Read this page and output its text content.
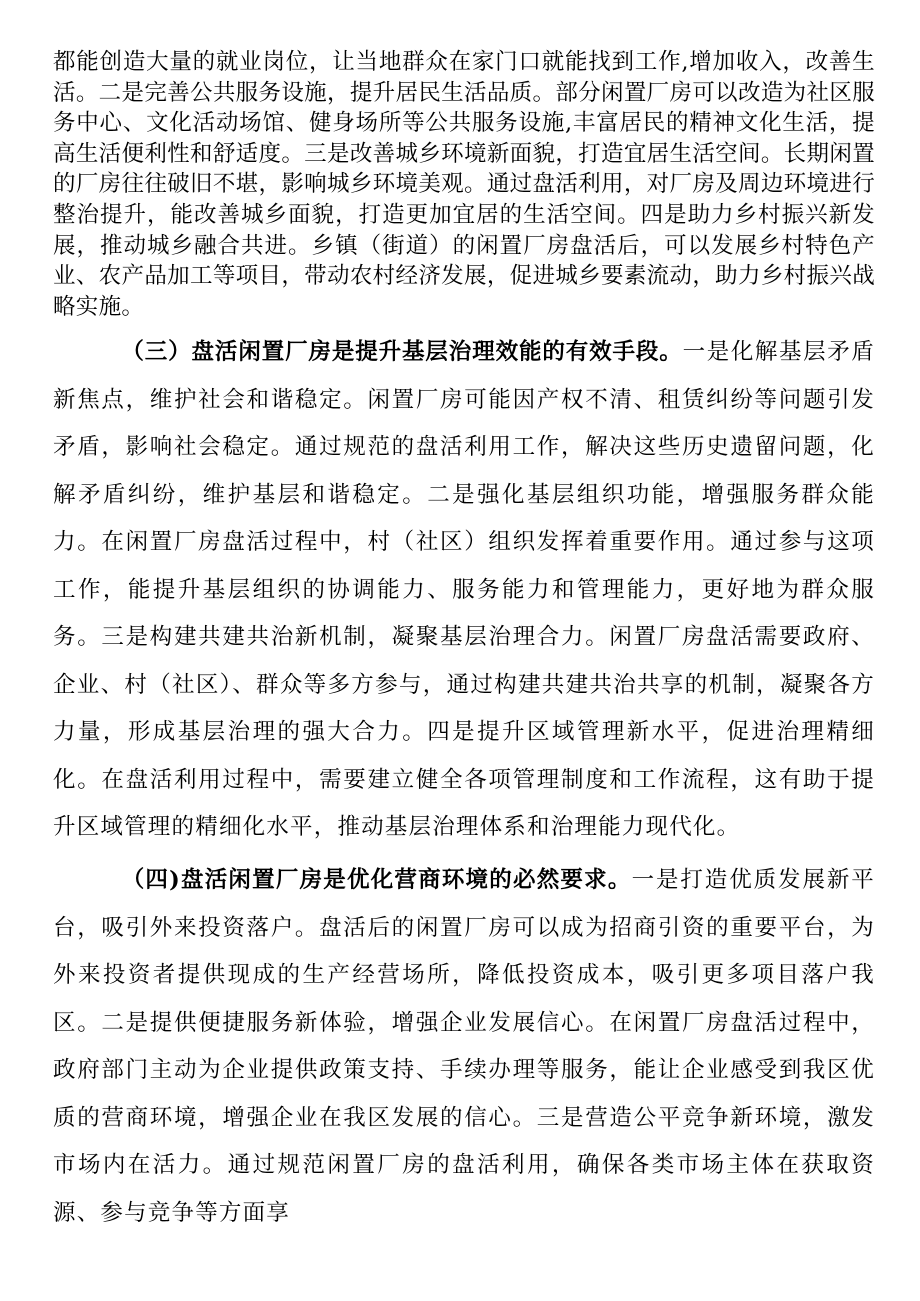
都能创造大量的就业岗位，让当地群众在家门口就能找到工作,增加收入，改善生活。二是完善公共服务设施，提升居民生活品质。部分闲置厂房可以改造为社区服务中心、文化活动场馆、健身场所等公共服务设施,丰富居民的精神文化生活，提高生活便利性和舒适度。三是改善城乡环境新面貌，打造宜居生活空间。长期闲置的厂房往往破旧不堪，影响城乡环境美观。通过盘活利用，对厂房及周边环境进行整治提升，能改善城乡面貌，打造更加宜居的生活空间。四是助力乡村振兴新发展，推动城乡融合共进。乡镇（街道）的闲置厂房盘活后，可以发展乡村特色产业、农产品加工等项目，带动农村经济发展，促进城乡要素流动，助力乡村振兴战略实施。

（三）盘活闲置厂房是提升基层治理效能的有效手段。一是化解基层矛盾新焦点，维护社会和谐稳定。闲置厂房可能因产权不清、租赁纠纷等问题引发矛盾，影响社会稳定。通过规范的盘活利用工作，解决这些历史遗留问题，化解矛盾纠纷，维护基层和谐稳定。二是强化基层组织功能，增强服务群众能力。在闲置厂房盘活过程中，村（社区）组织发挥着重要作用。通过参与这项工作，能提升基层组织的协调能力、服务能力和管理能力，更好地为群众服务。三是构建共建共治新机制，凝聚基层治理合力。闲置厂房盘活需要政府、企业、村（社区）、群众等多方参与，通过构建共建共治共享的机制，凝聚各方力量，形成基层治理的强大合力。四是提升区域管理新水平，促进治理精细化。在盘活利用过程中，需要建立健全各项管理制度和工作流程，这有助于提升区域管理的精细化水平，推动基层治理体系和治理能力现代化。

（四)盘活闲置厂房是优化营商环境的必然要求。一是打造优质发展新平台，吸引外来投资落户。盘活后的闲置厂房可以成为招商引资的重要平台，为外来投资者提供现成的生产经营场所，降低投资成本，吸引更多项目落户我区。二是提供便捷服务新体验，增强企业发展信心。在闲置厂房盘活过程中，政府部门主动为企业提供政策支持、手续办理等服务，能让企业感受到我区优质的营商环境，增强企业在我区发展的信心。三是营造公平竞争新环境，激发市场内在活力。通过规范闲置厂房的盘活利用，确保各类市场主体在获取资源、参与竞争等方面享
